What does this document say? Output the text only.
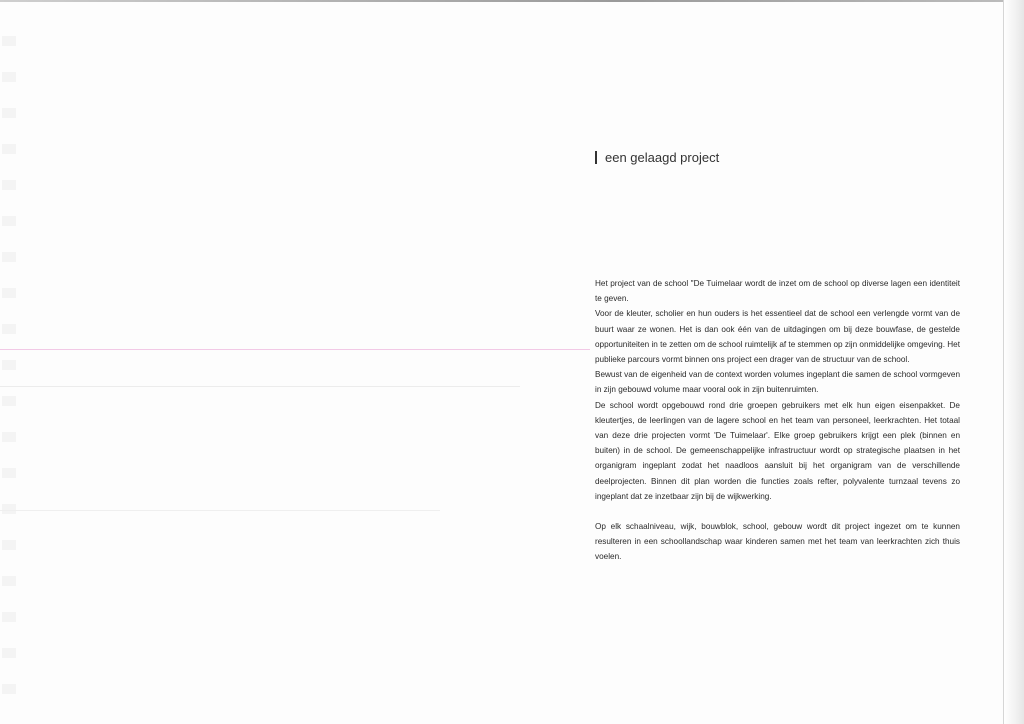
een gelaagd project

Het project van de school "De Tuimelaar wordt de inzet om de school op diverse lagen een identiteit te geven.

Voor de kleuter, scholier en hun ouders is het essentieel dat de school een verlengde vormt van de buurt waar ze wonen. Het is dan ook één van de uitdagingen om bij deze bouwfase, de gestelde opportuniteiten in te zetten om de school ruimtelijk af te stemmen op zijn onmiddelijke omgeving. Het publieke parcours vormt binnen ons project een drager van de structuur van de school.

Bewust van de eigenheid van de context worden volumes ingeplant die samen de school vormgeven in zijn gebouwd volume maar vooral ook in zijn buitenruimten.

De school wordt opgebouwd rond drie groepen gebruikers met elk hun eigen eisenpakket. De kleutertjes, de leerlingen van de lagere school en het team van personeel, leerkrachten. Het totaal van deze drie projecten vormt 'De Tuimelaar'. Elke groep gebruikers krijgt een plek (binnen en buiten) in de school. De gemeenschappelijke infrastructuur wordt op strategische plaatsen in het organigram ingeplant zodat het naadloos aansluit bij het organigram van de verschillende deelprojecten. Binnen dit plan worden die functies zoals refter, polyvalente turnzaal tevens zo ingeplant dat ze inzetbaar zijn bij de wijkwerking.

Op elk schaalniveau, wijk, bouwblok, school, gebouw wordt dit project ingezet om te kunnen resulteren in een schoollandschap waar kinderen samen met het team van leerkrachten zich thuis voelen.
